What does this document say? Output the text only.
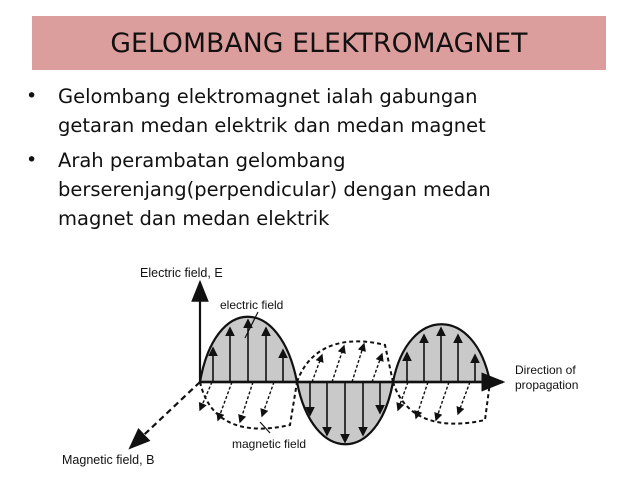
GELOMBANG ELEKTROMAGNET
• Gelombang elektromagnet ialah gabungan
getaran medan elektrik dan medan magnet
• Arah perambatan gelombang
berserenjang(perpendicular) dengan medan
magnet dan medan elektrik
Electric field, E
electric field
magnetic field
Magnetic field, B
Direction of
propagation
